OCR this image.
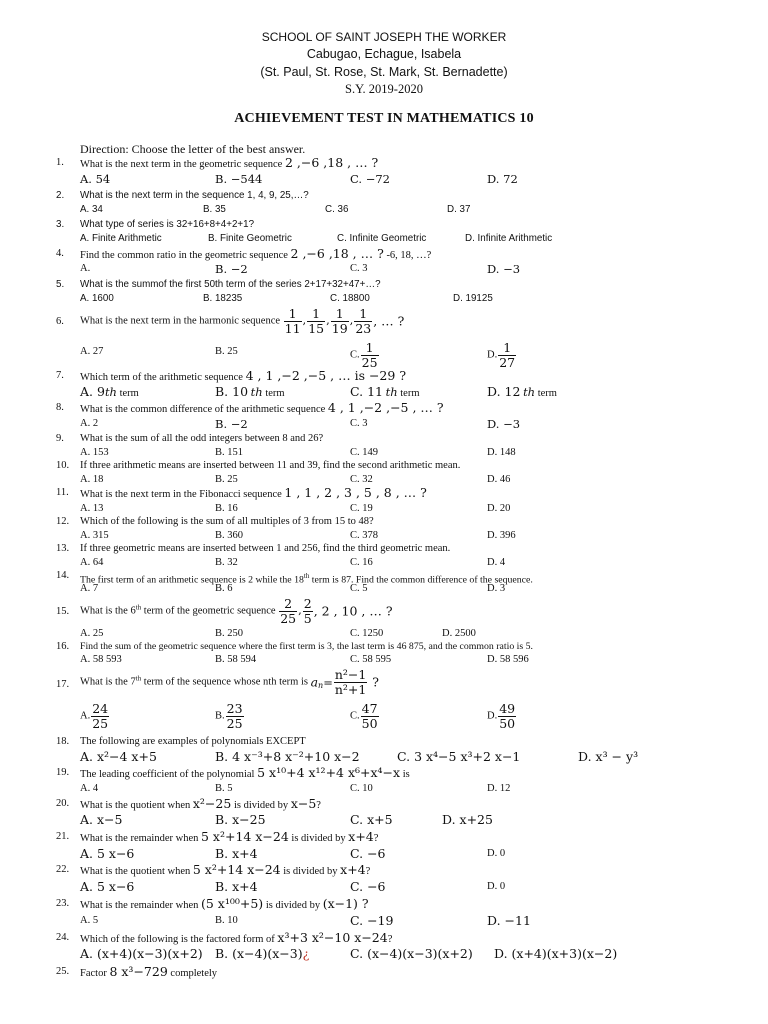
SCHOOL OF SAINT JOSEPH THE WORKER
Cabugao, Echague, Isabela
(St. Paul, St. Rose, St. Mark, St. Bernadette)
S.Y. 2019-2020
ACHIEVEMENT TEST IN MATHEMATICS 10
Direction: Choose the letter of the best answer.
1. What is the next term in the geometric sequence 2 ,−6 ,18 , … ?
A. 54	B. −544	C. −72	D. 72
2. What is the next term in the sequence 1, 4, 9, 25,…?
A. 34	B. 35	C. 36	D. 37
3. What type of series is 32+16+8+4+2+1?
A. Finite Arithmetic	B. Finite Geometric	C. Infinite Geometric	D. Infinite Arithmetic
4. Find the common ratio in the geometric sequence 2 ,−6 ,18 , … ? -6, 18, …?
A.	B. −2	C. 3	D. −3
5. What is the summof the first 50th term of the series 2+17+32+47+…?
A. 1600	B. 18235	C. 18800	D. 19125
6. What is the next term in the harmonic sequence $\frac{1}{11}$ , $\frac{1}{15}$ , $\frac{1}{19}$ , $\frac{1}{23}$ , … ?
A. 27	B. 25	C. $\frac{1}{25}$	D. $\frac{1}{27}$
7. Which term of the arithmetic sequence 4 , 1 ,−2 ,−5 , … is −29 ?
A. 9th term	B. 10 th term	C. 11 th term	D. 12 th term
8. What is the common difference of the arithmetic sequence 4 , 1 ,−2 ,−5 , … ?
A. 2	B. −2	C. 3	D. −3
9. What is the sum of all the odd integers between 8 and 26?
A. 153	B. 151	C. 149	D. 148
10. If three arithmetic means are inserted between 11 and 39, find the second arithmetic mean.
A. 18	B. 25	C. 32	D. 46
11. What is the next term in the Fibonacci sequence 1 , 1 , 2 , 3 , 5 , 8 , … ?
A. 13	B. 16	C. 19	D. 20
12. Which of the following is the sum of all multiples of 3 from 15 to 48?
A. 315	B. 360	C. 378	D. 396
13. If three geometric means are inserted between 1 and 256, find the third geometric mean.
A. 64	B. 32	C. 16	D. 4
14. The first term of an arithmetic sequence is 2 while the 18th term is 87. Find the common difference of the sequence.
A. 7	B. 6	C. 5	D. 3
15. What is the 6th term of the geometric sequence $\frac{2}{25}$ , $\frac{2}{5}$ , 2 , 10 , … ?
A. 25	B. 250	C. 1250	D. 2500
16. Find the sum of the geometric sequence where the first term is 3, the last term is 46 875, and the common ratio is 5.
A. 58 593	B. 58 594	C. 58 595	D. 58 596
17. What is the 7th term of the sequence whose nth term is $a_n= \frac{\text{n²−1}}{\text{n²+1}}$ ?
A. $\frac{24}{25}$	B. $\frac{23}{25}$	C. $\frac{47}{50}$	D. $\frac{49}{50}$
18. The following are examples of polynomials EXCEPT
A. x²−4 x+5	B. 4 x⁻³+8 x⁻²+10 x−2	C. 3 x⁴−5 x³+2 x−1	D. x³ − y³
19. The leading coefficient of the polynomial 5 x¹⁰+4 x¹²+4 x⁶+x⁴−x is
A. 4	B. 5	C. 10	D. 12
20. What is the quotient when x²−25 is divided by x−5?
A. x−5	B. x−25	C. x+5	D. x+25
21. What is the remainder when 5 x²+14 x−24 is divided by x+4?
A. 5 x−6	B. x+4	C. −6	D. 0
22. What is the quotient when 5 x²+14 x−24 is divided by x+4?
A. 5 x−6	B. x+4	C. −6	D. 0
23. What is the remainder when (5 x¹⁰⁰+5) is divided by (x−1) ?
A. 5	B. 10	C. −19	D. −11
24. Which of the following is the factored form of x³+3 x²−10 x−24?
A. (x+4)(x−3)(x+2) B. (x−4)(x−3)¿	C. (x−4)(x−3)(x+2) D. (x+4)(x+3)(x−2)
25. Factor 8 x³−729 completely
